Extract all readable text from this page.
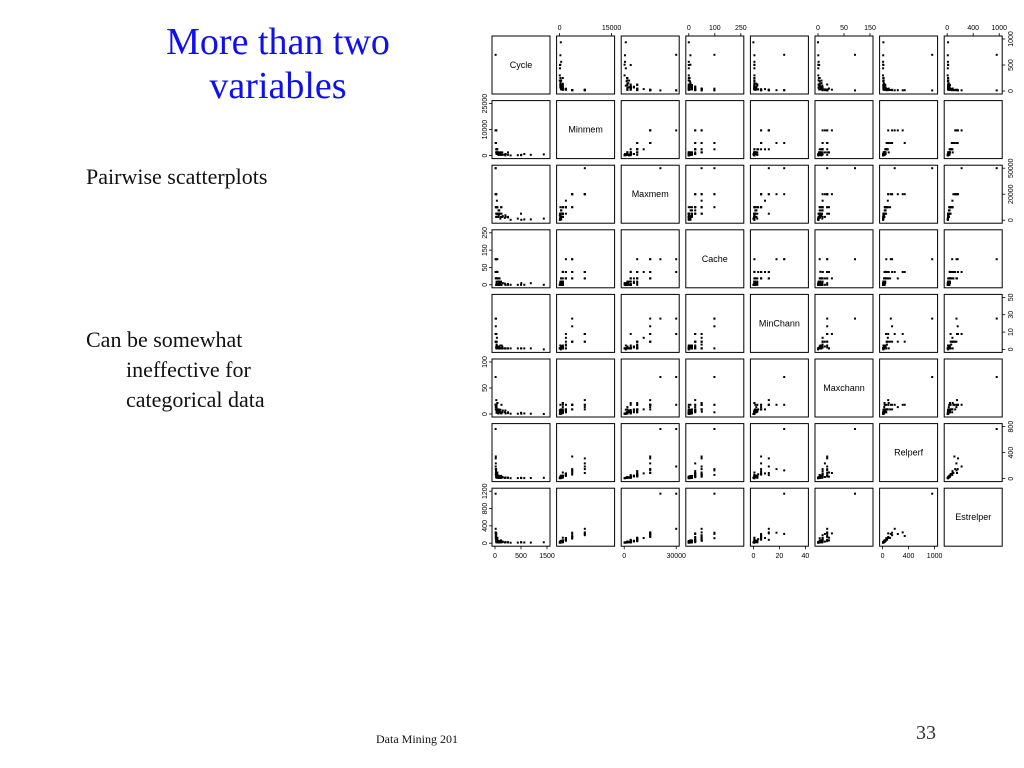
More than two
variables
Pairwise scatterplots
Can be somewhat
ineffective for
categorical data
Cycle
Minmem
Maxmem
Cache
MinChann
Maxchann
Relperf
Estrelper
0	15000	0	100 250	0	50 150	0	400 1000
0	500 1500	0	30000	0	20	40	0	400 1000
0
10000
25000
0
50
150
250
0
50
100
0
400
800
1200
0
500
1000
0
20000
50000
0
10
30
50
0
400
800
Data Mining 201	33
